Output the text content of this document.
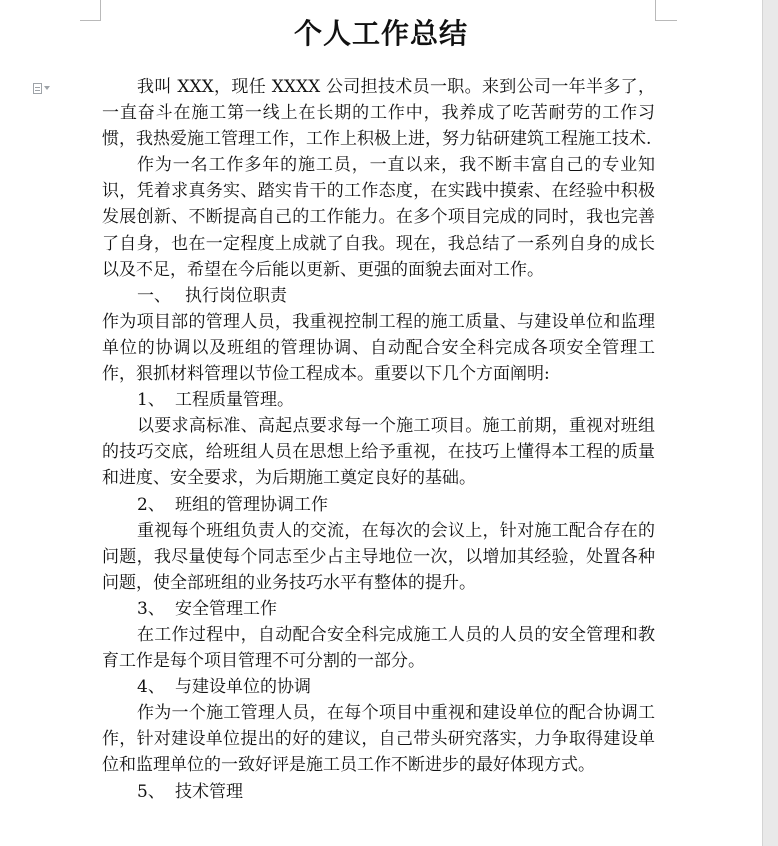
个人工作总结

我叫 XXX，现任 XXXX 公司担技术员一职。来到公司一年半多了，一直奋斗在施工第一线上在长期的工作中，我养成了吃苦耐劳的工作习惯，我热爱施工管理工作，工作上积极上进，努力钻研建筑工程施工技术.

作为一名工作多年的施工员，一直以来，我不断丰富自己的专业知识，凭着求真务实、踏实肯干的工作态度，在实践中摸索、在经验中积极发展创新、不断提高自己的工作能力。在多个项目完成的同时，我也完善了自身，也在一定程度上成就了自我。现在，我总结了一系列自身的成长以及不足，希望在今后能以更新、更强的面貌去面对工作。

一、 执行岗位职责

作为项目部的管理人员，我重视控制工程的施工质量、与建设单位和监理单位的协调以及班组的管理协调、自动配合安全科完成各项安全管理工作，狠抓材料管理以节俭工程成本。重要以下几个方面阐明:

1、 工程质量管理。

以要求高标准、高起点要求每一个施工项目。施工前期，重视对班组的技巧交底，给班组人员在思想上给予重视，在技巧上懂得本工程的质量和进度、安全要求，为后期施工奠定良好的基础。

2、 班组的管理协调工作

重视每个班组负责人的交流，在每次的会议上，针对施工配合存在的问题，我尽量使每个同志至少占主导地位一次，以增加其经验，处置各种问题，使全部班组的业务技巧水平有整体的提升。

3、 安全管理工作

在工作过程中，自动配合安全科完成施工人员的人员的安全管理和教育工作是每个项目管理不可分割的一部分。

4、 与建设单位的协调

作为一个施工管理人员，在每个项目中重视和建设单位的配合协调工作，针对建设单位提出的好的建议，自己带头研究落实，力争取得建设单位和监理单位的一致好评是施工员工作不断进步的最好体现方式。

5、 技术管理
